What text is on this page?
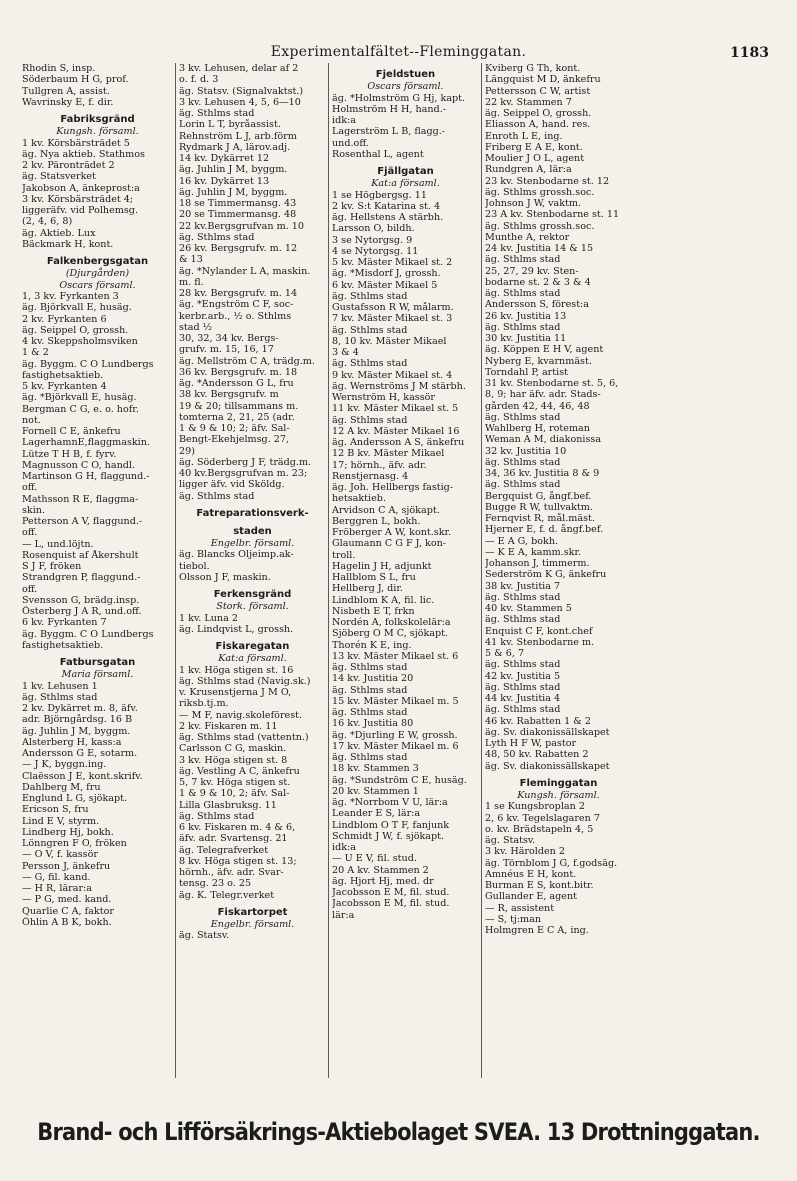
Experimentalfältet--Fleminggatan.	1183
Rhodin S, insp.
Söderbaum H G, prof.
Tullgren A, assist.
Wavrinsky E, f. dir.
Fabriksgränd
Kungsh. församl.
1 kv. Körsbärsträdet 5
äg. Nya aktieb. Stathmos
2 kv. Päronträdet 2
äg. Statsverket
Jakobson A, änkeprost:a
3 kv. Körsbärsträdet 4;
liggeräfv. vid Polhemsg.
(2, 4, 6, 8)
äg. Aktieb. Lux
Bäckmark H, kont.
Falkenbergsgatan
(Djurgården)
Oscars församl.
1, 3 kv. Fyrkanten 3
äg. Björkvall E, husäg.
2 kv. Fyrkanten 6
äg. Seippel O, grossh.
4 kv. Skeppsholmsviken
1 & 2
äg. Byggm. C O Lundbergs
fastighetsaktieb.
5 kv. Fyrkanten 4
äg. *Björkvall E, husäg.
Bergman C G, e. o. hofr.
not.
Fornell C E, änkefru
LagerhamnE,flaggmaskin.
Lütze T H B, f. fyrv.
Magnusson C O, handl.
Martinson G H, flaggund.-
off.
Mathsson R E, flaggma-
skin.
Petterson A V, flaggund.-
off.
— L, und.löjtn.
Rosenquist af Åkershult
S J F, fröken
Strandgren P, flaggund.-
off.
Svensson G, brädg.insp.
Österberg J A R, und.off.
6 kv. Fyrkanten 7
äg. Byggm. C O Lundbergs
fastighetsaktieb.
Fatbursgatan
Maria församl.
1 kv. Lehusen 1
äg. Sthlms stad
2 kv. Dykärret m. 8, äfv.
adr. Björngårdsg. 16 B
äg. Juhlin J M, byggm.
Alsterberg H, kass:a
Andersson G E, sotarm.
— J K, byggn.ing.
Claësson J E, kont.skrifv.
Dahlberg M, fru
Englund L G, sjökapt.
Ericson S, fru
Lind E V, styrm.
Lindberg Hj, bokh.
Lönngren F O, fröken
— O V, f. kassör
Persson J, änkefru
— G, fil. kand.
— H R, lärar:a
— P G, med. kand.
Quarlie C A, faktor
Öhlin A B K, bokh.
3 kv. Lehusen, delar af 2
o. f. d. 3
äg. Statsv. (Signalvaktst.)
3 kv. Lehusen 4, 5, 6—10
äg. Sthlms stad
Lorin L T, byråassist.
Rehnström L J, arb.förm
Rydmark J A, lärov.adj.
14 kv. Dykärret 12
äg. Juhlin J M, byggm.
16 kv. Dykärret 13
äg. Juhlin J M, byggm.
18 se Timmermansg. 43
20 se Timmermansg. 48
22 kv.Bergsgrufvan m. 10
äg. Sthlms stad
26 kv. Bergsgrufv. m. 12
& 13
äg. *Nylander L A, maskin.
m. fl.
28 kv. Bergsgrufv. m. 14
äg. *Engström C F, soc-
kerbr.arb., ½ o. Sthlms
stad ½
30, 32, 34 kv. Bergs-
grufv. m. 15, 16, 17
äg. Mellström C A, trädg.m.
36 kv. Bergsgrufv. m. 18
äg. *Andersson G L, fru
38 kv. Bergsgrufv. m
19 & 20; tillsammans m.
tomterna 2, 21, 25 (adr.
1 & 9 & 10; 2; äfv. Sal-
Bengt-Ekehjelmsg. 27,
29)
äg. Söderberg J F, trädg.m.
40 kv.Bergsgrufvan m. 23;
ligger äfv. vid Sköldg.
äg. Sthlms stad
Fatreparationsverk-
staden
Engelbr. församl.
äg. Blancks Oljeimp.ak-
tiebol.
Olsson J F, maskin.
Ferkensgränd
Stork. församl.
1 kv. Luna 2
äg. Lindqvist L, grossh.
Fiskaregatan
Kat:a församl.
1 kv. Höga stigen st. 16
äg. Sthlms stad (Navig.sk.)
v. Krusenstjerna J M O,
riksb.tj.m.
— M F, navig.skoleförest.
2 kv. Fiskaren m. 11
äg. Sthlms stad (vattentn.)
Carlsson C G, maskin.
3 kv. Höga stigen st. 8
äg. Vestling A C, änkefru
5, 7 kv. Höga stigen st.
1 & 9 & 10, 2; äfv. Sal-
Lilla Glasbruksg. 11
äg. Sthlms stad
6 kv. Fiskaren m. 4 & 6,
äfv. adr. Svartensg. 21
äg. Telegrafverket
8 kv. Höga stigen st. 13;
hörnh., äfv. adr. Svar-
tensg. 23 o. 25
äg. K. Telegr.verket
Fiskartorpet
Engelbr. församl.
äg. Statsv.
Fjeldstuen
Oscars församl.
äg. *Holmström G Hj, kapt.
Holmström H H, hand.-
idk:a
Lagerström L B, flagg.-
und.off.
Rosenthal L, agent
Fjällgatan
Kat:a församl.
1 se Högbergsg. 11
2 kv. S:t Katarina st. 4
äg. Hellstens A stärbh.
Larsson O, bildh.
3 se Nytorgsg. 9
4 se Nytorgsg. 11
5 kv. Mäster Mikael st. 2
äg. *Misdorf J, grossh.
6 kv. Mäster Mikael 5
äg. Sthlms stad
Gustafsson R W, målarm.
7 kv. Mäster Mikael st. 3
äg. Sthlms stad
8, 10 kv. Mäster Mikael
3 & 4
äg. Sthlms stad
9 kv. Mäster Mikael st. 4
äg. Wernströms J M stärbh.
Wernström H, kassör
11 kv. Mäster Mikael st. 5
äg. Sthlms stad
12 A kv. Mäster Mikael 16
äg. Andersson A S, änkefru
12 B kv. Mäster Mikael
17; hörnh., äfv. adr.
Renstjernasg. 4
äg. Joh. Hellbergs fastig-
hetsaktieb.
Arvidson C A, sjökapt.
Berggren L, bokh.
Fröberger A W, kont.skr.
Glaumann C G F J, kon-
troll.
Hagelin J H, adjunkt
Hallblom S L, fru
Hellberg J, dir.
Lindblom K A, fil. lic.
Nisbeth E T, frkn
Nordén A, folkskolelär:a
Sjöberg O M C, sjökapt.
Thorén K E, ing.
13 kv. Mäster Mikael st. 6
äg. Sthlms stad
14 kv. Justitia 20
äg. Sthlms stad
15 kv. Mäster Mikael m. 5
äg. Sthlms stad
16 kv. Justitia 80
äg. *Djurling E W, grossh.
17 kv. Mäster Mikael m. 6
äg. Sthlms stad
18 kv. Stammen 3
äg. *Sundström C E, husäg.
20 kv. Stammen 1
äg. *Norrbom V U, lär:a
Leander E S, lär:a
Lindblom O T F, fanjunk
Schmidt J W, f. sjökapt.
idk:a
— U E V, fil. stud.
20 A kv. Stammen 2
äg. Hjort Hj, med. dr
Jacobsson E M, fil. stud.
Jacobsson E M, fil. stud.
lär:a
Kviberg G Th, kont.
Längquist M D, änkefru
Pettersson C W, artist
22 kv. Stammen 7
äg. Seippel O, grossh.
Eliasson A, hand. res.
Enroth L E, ing.
Friberg E A E, kont.
Moulier J O L, agent
Rundgren A, lär:a
23 kv. Stenbodarne st. 12
äg. Sthlms grossh.soc.
Johnson J W, vaktm.
23 A kv. Stenbodarne st. 11
äg. Sthlms grossh.soc.
Munthe A, rektor
24 kv. Justitia 14 & 15
äg. Sthlms stad
25, 27, 29 kv. Sten-
bodarne st. 2 & 3 & 4
äg. Sthlms stad
Andersson S, förest:a
26 kv. Justitia 13
äg. Sthlms stad
30 kv. Justitia 11
äg. Köppen E H V, agent
Nyberg E, kvarnmäst.
Torndahl P, artist
31 kv. Stenbodarne st. 5, 6,
8, 9; har äfv. adr. Stads-
gården 42, 44, 46, 48
äg. Sthlms stad
Wahlberg H, roteman
Weman A M, diakonissa
32 kv. Justitia 10
äg. Sthlms stad
34, 36 kv. Justitia 8 & 9
äg. Sthlms stad
Bergquist G, ångf.bef.
Bugge R W, tullvaktm.
Fernqvist R, mål.mäst.
Hjerner E, f. d. ångf.bef.
— E A G, bokh.
— K E A, kamm.skr.
Johanson J, timmerm.
Sederström K G, änkefru
38 kv. Justitia 7
äg. Sthlms stad
40 kv. Stammen 5
äg. Sthlms stad
Enquist C F, kont.chef
41 kv. Stenbodarne m.
5 & 6, 7
äg. Sthlms stad
42 kv. Justitia 5
äg. Sthlms stad
44 kv. Justitia 4
äg. Sthlms stad
46 kv. Rabatten 1 & 2
äg. Sv. diakonissällskapet
Lyth H F W, pastor
48, 50 kv. Rabatten 2
äg. Sv. diakonissällskapet
Fleminggatan
Kungsh. församl.
1 se Kungsbroplan 2
2, 6 kv. Tegelslagaren 7
o. kv. Brädstapeln 4, 5
äg. Statsv.
3 kv. Härolden 2
äg. Törnblom J G, f.godsäg.
Amnéus E H, kont.
Burman E S, kont.bitr.
Gullander E, agent
— R, assistent
— S, tj:man
Holmgren E C A, ing.
Brand- och Lifförsäkrings-Aktiebolaget SVEA. 13 Drottninggatan.
